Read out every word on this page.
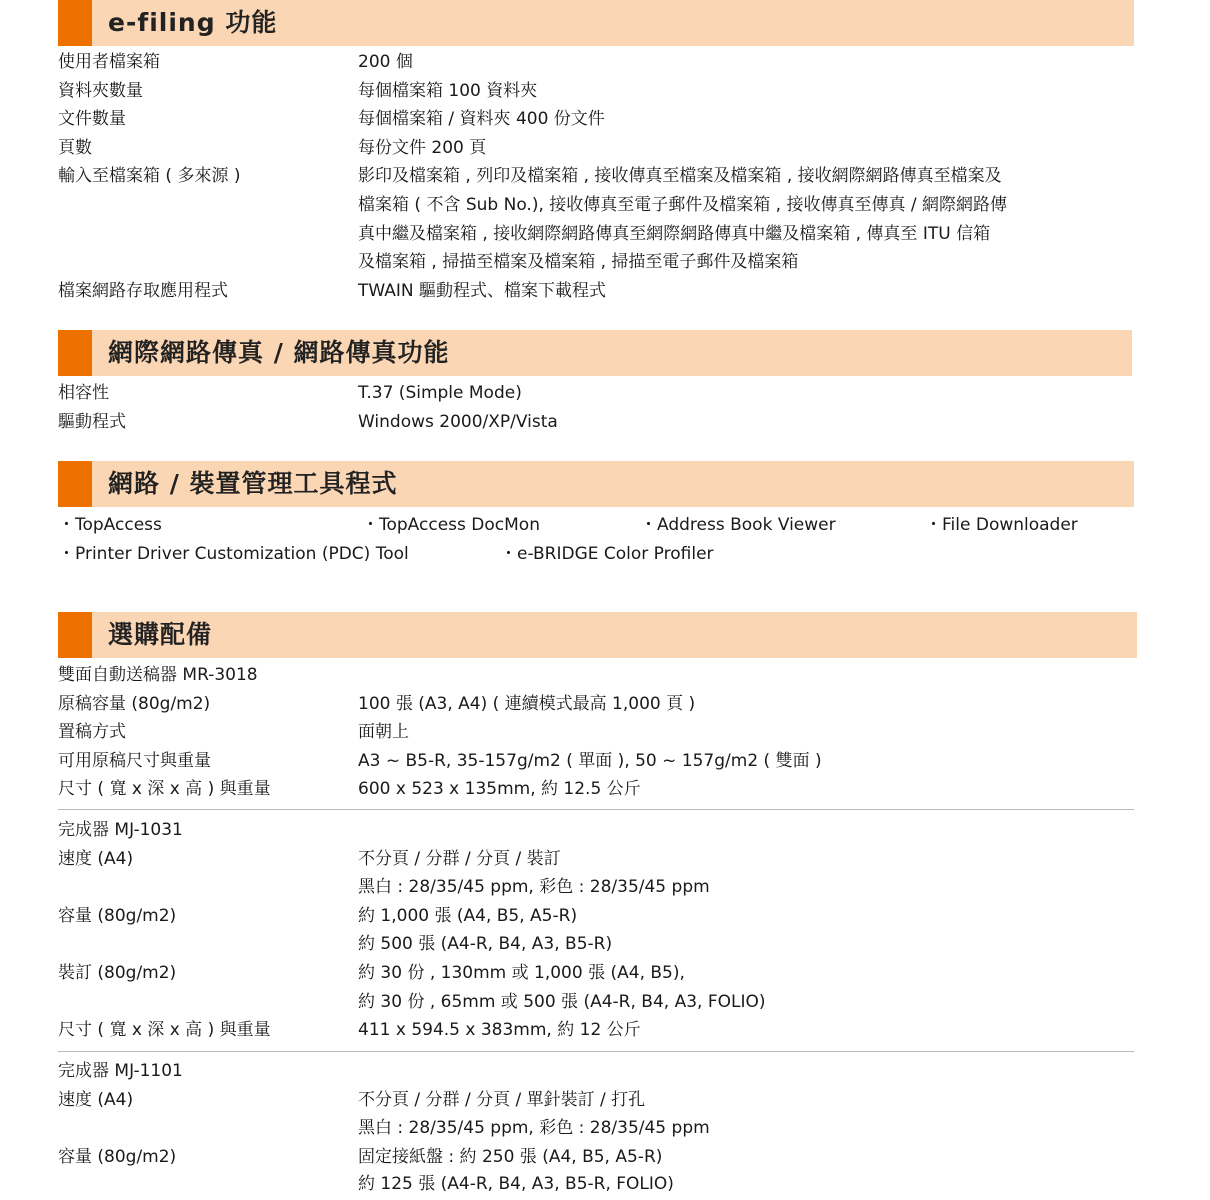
e-filing 功能
使用者檔案箱	200 個
資料夾數量	每個檔案箱 100 資料夾
文件數量	每個檔案箱 / 資料夾 400 份文件
頁數	每份文件 200 頁
輸入至檔案箱 ( 多來源 )	影印及檔案箱 , 列印及檔案箱 , 接收傳真至檔案及檔案箱 , 接收網際網路傳真至檔案及
檔案箱 ( 不含 Sub No.), 接收傳真至電子郵件及檔案箱 , 接收傳真至傳真 / 網際網路傳
真中繼及檔案箱 , 接收網際網路傳真至網際網路傳真中繼及檔案箱 , 傳真至 ITU 信箱
及檔案箱 , 掃描至檔案及檔案箱 , 掃描至電子郵件及檔案箱
檔案網路存取應用程式	TWAIN 驅動程式、檔案下載程式
網際網路傳真 / 網路傳真功能
相容性	T.37 (Simple Mode)
驅動程式	Windows 2000/XP/Vista
網路 / 裝置管理工具程式
・TopAccess	・TopAccess DocMon	・Address Book Viewer	・File Downloader
・Printer Driver Customization (PDC) Tool	・e-BRIDGE Color Profiler
選購配備
雙面自動送稿器 MR-3018
原稿容量 (80g/m2)	100 張 (A3, A4) ( 連續模式最高 1,000 頁 )
置稿方式	面朝上
可用原稿尺寸與重量	A3 ~ B5-R, 35-157g/m2 ( 單面 ), 50 ~ 157g/m2 ( 雙面 )
尺寸 ( 寬 x 深 x 高 ) 與重量	600 x 523 x 135mm, 約 12.5 公斤
完成器 MJ-1031
速度 (A4)	不分頁 / 分群 / 分頁 / 裝訂
黑白 : 28/35/45 ppm, 彩色 : 28/35/45 ppm
容量 (80g/m2)	約 1,000 張 (A4, B5, A5-R)
約 500 張 (A4-R, B4, A3, B5-R)
裝訂 (80g/m2)	約 30 份 , 130mm 或 1,000 張 (A4, B5),
約 30 份 , 65mm 或 500 張 (A4-R, B4, A3, FOLIO)
尺寸 ( 寬 x 深 x 高 ) 與重量	411 x 594.5 x 383mm, 約 12 公斤
完成器 MJ-1101
速度 (A4)	不分頁 / 分群 / 分頁 / 單針裝訂 / 打孔
黑白 : 28/35/45 ppm, 彩色 : 28/35/45 ppm
容量 (80g/m2)	固定接紙盤 : 約 250 張 (A4, B5, A5-R)
約 125 張 (A4-R, B4, A3, B5-R, FOLIO)
